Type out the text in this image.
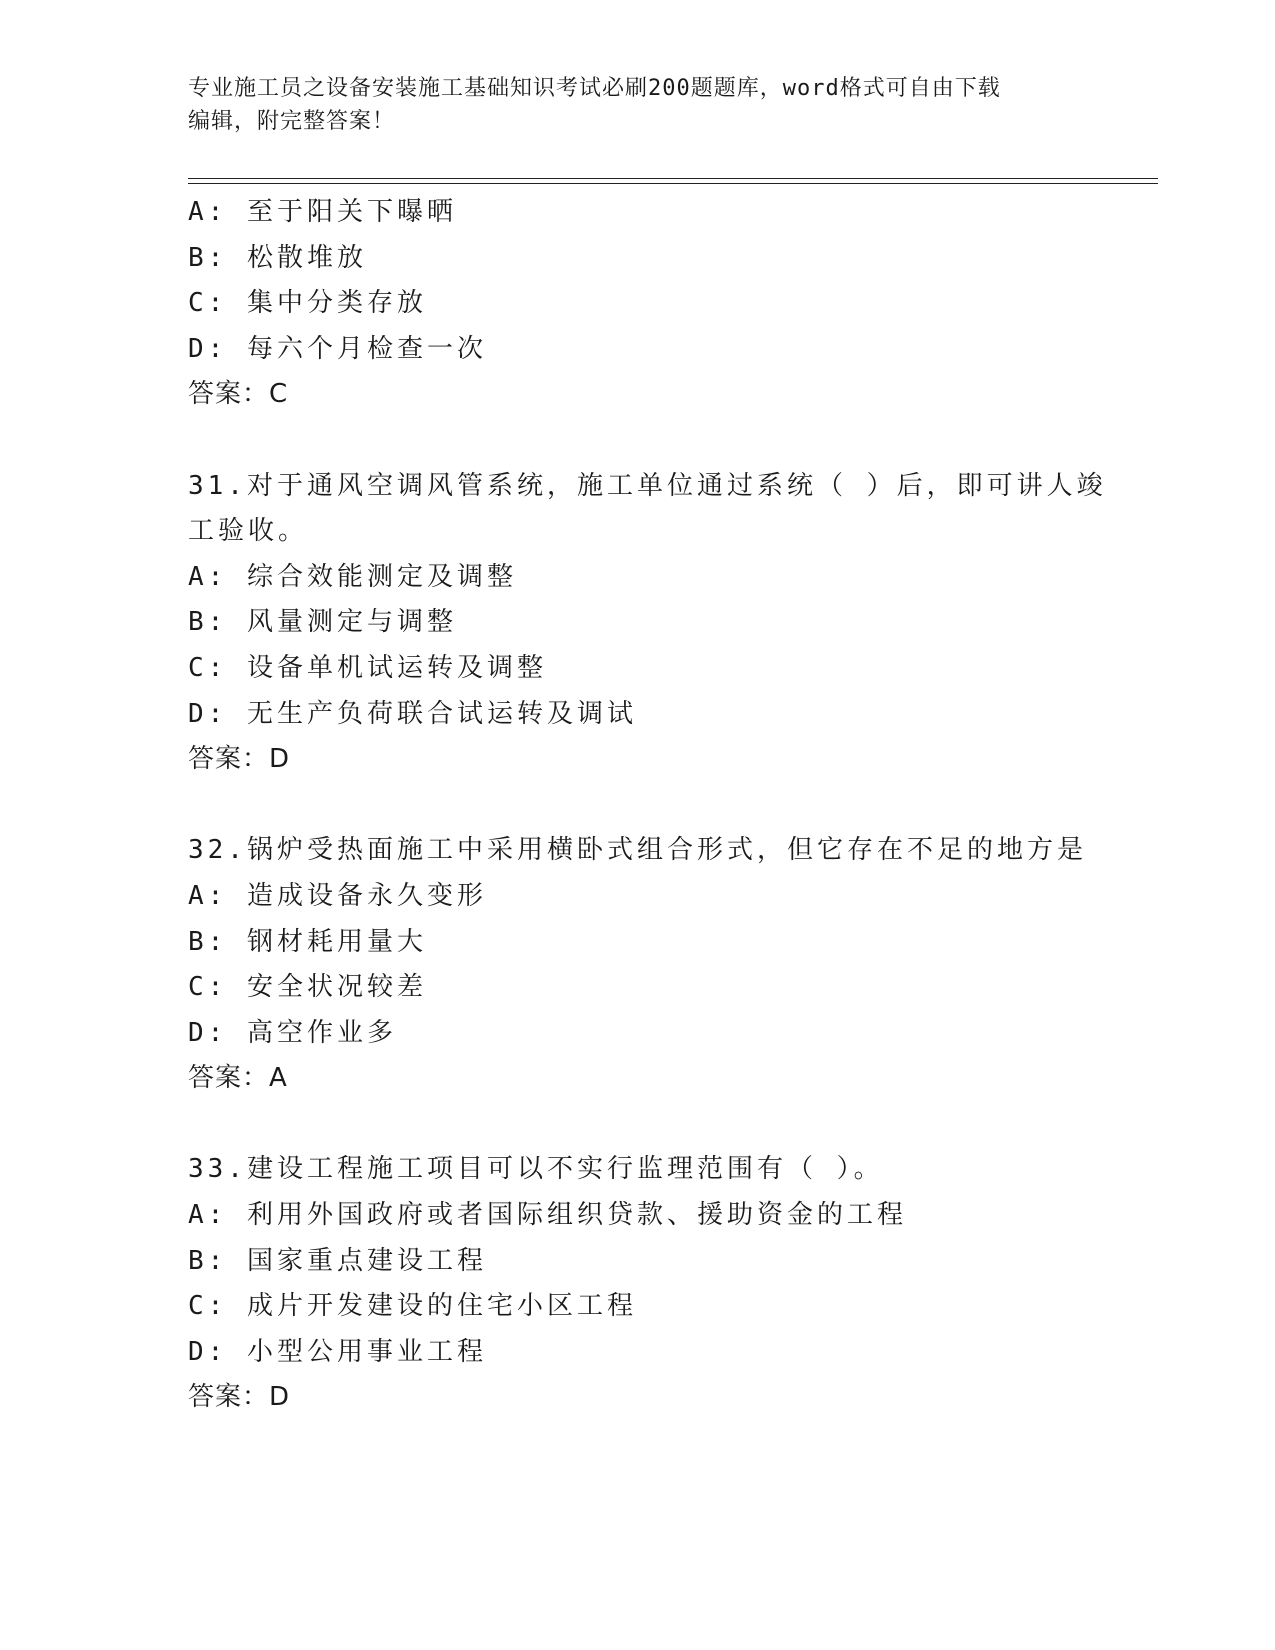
专业施工员之设备安装施工基础知识考试必刷200题题库，word格式可自由下载
编辑，附完整答案！
A: 至于阳关下曝晒
B: 松散堆放
C: 集中分类存放
D: 每六个月检查一次
答案：C
31.对于通风空调风管系统，施工单位通过系统（ ）后，即可讲人竣
工验收。
A: 综合效能测定及调整
B: 风量测定与调整
C: 设备单机试运转及调整
D: 无生产负荷联合试运转及调试
答案：D
32.锅炉受热面施工中采用横卧式组合形式，但它存在不足的地方是
A: 造成设备永久变形
B: 钢材耗用量大
C: 安全状况较差
D: 高空作业多
答案：A
33.建设工程施工项目可以不实行监理范围有（ ）。
A: 利用外国政府或者国际组织贷款、援助资金的工程
B: 国家重点建设工程
C: 成片开发建设的住宅小区工程
D: 小型公用事业工程
答案：D
